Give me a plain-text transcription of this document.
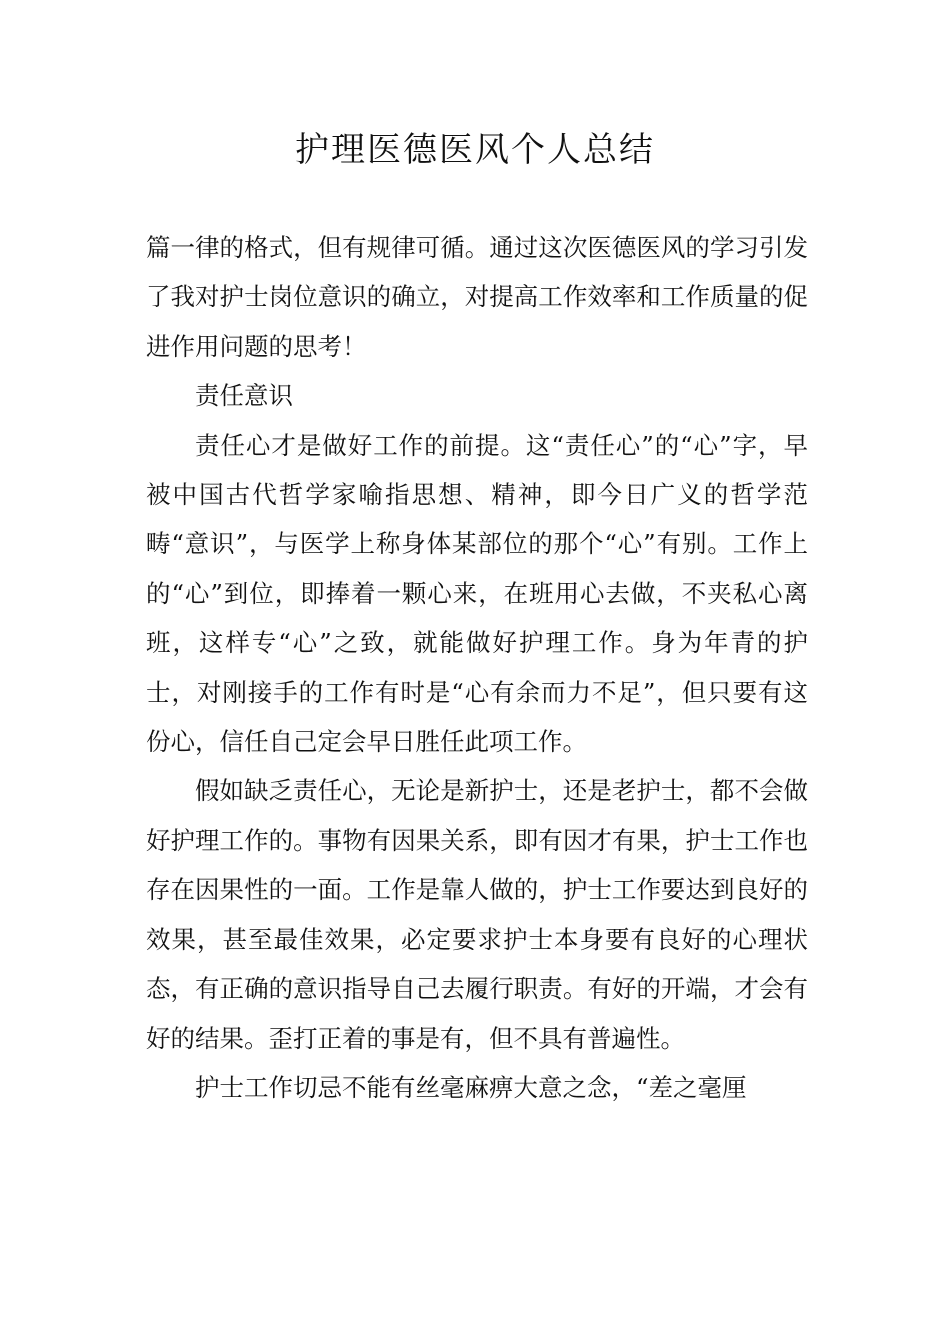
护理医德医风个人总结

篇一律的格式，但有规律可循。通过这次医德医风的学习引发了我对护士岗位意识的确立，对提高工作效率和工作质量的促进作用问题的思考！

责任意识

责任心才是做好工作的前提。这“责任心”的“心”字，早被中国古代哲学家喻指思想、精神，即今日广义的哲学范畴“意识”，与医学上称身体某部位的那个“心”有别。工作上的“心”到位，即捧着一颗心来，在班用心去做，不夹私心离班，这样专“心”之致，就能做好护理工作。身为年青的护士，对刚接手的工作有时是“心有余而力不足”，但只要有这份心，信任自己定会早日胜任此项工作。

假如缺乏责任心，无论是新护士，还是老护士，都不会做好护理工作的。事物有因果关系，即有因才有果，护士工作也存在因果性的一面。工作是靠人做的，护士工作要达到良好的效果，甚至最佳效果，必定要求护士本身要有良好的心理状态，有正确的意识指导自己去履行职责。有好的开端，才会有好的结果。歪打正着的事是有，但不具有普遍性。

护士工作切忌不能有丝毫麻痹大意之念，“差之毫厘
